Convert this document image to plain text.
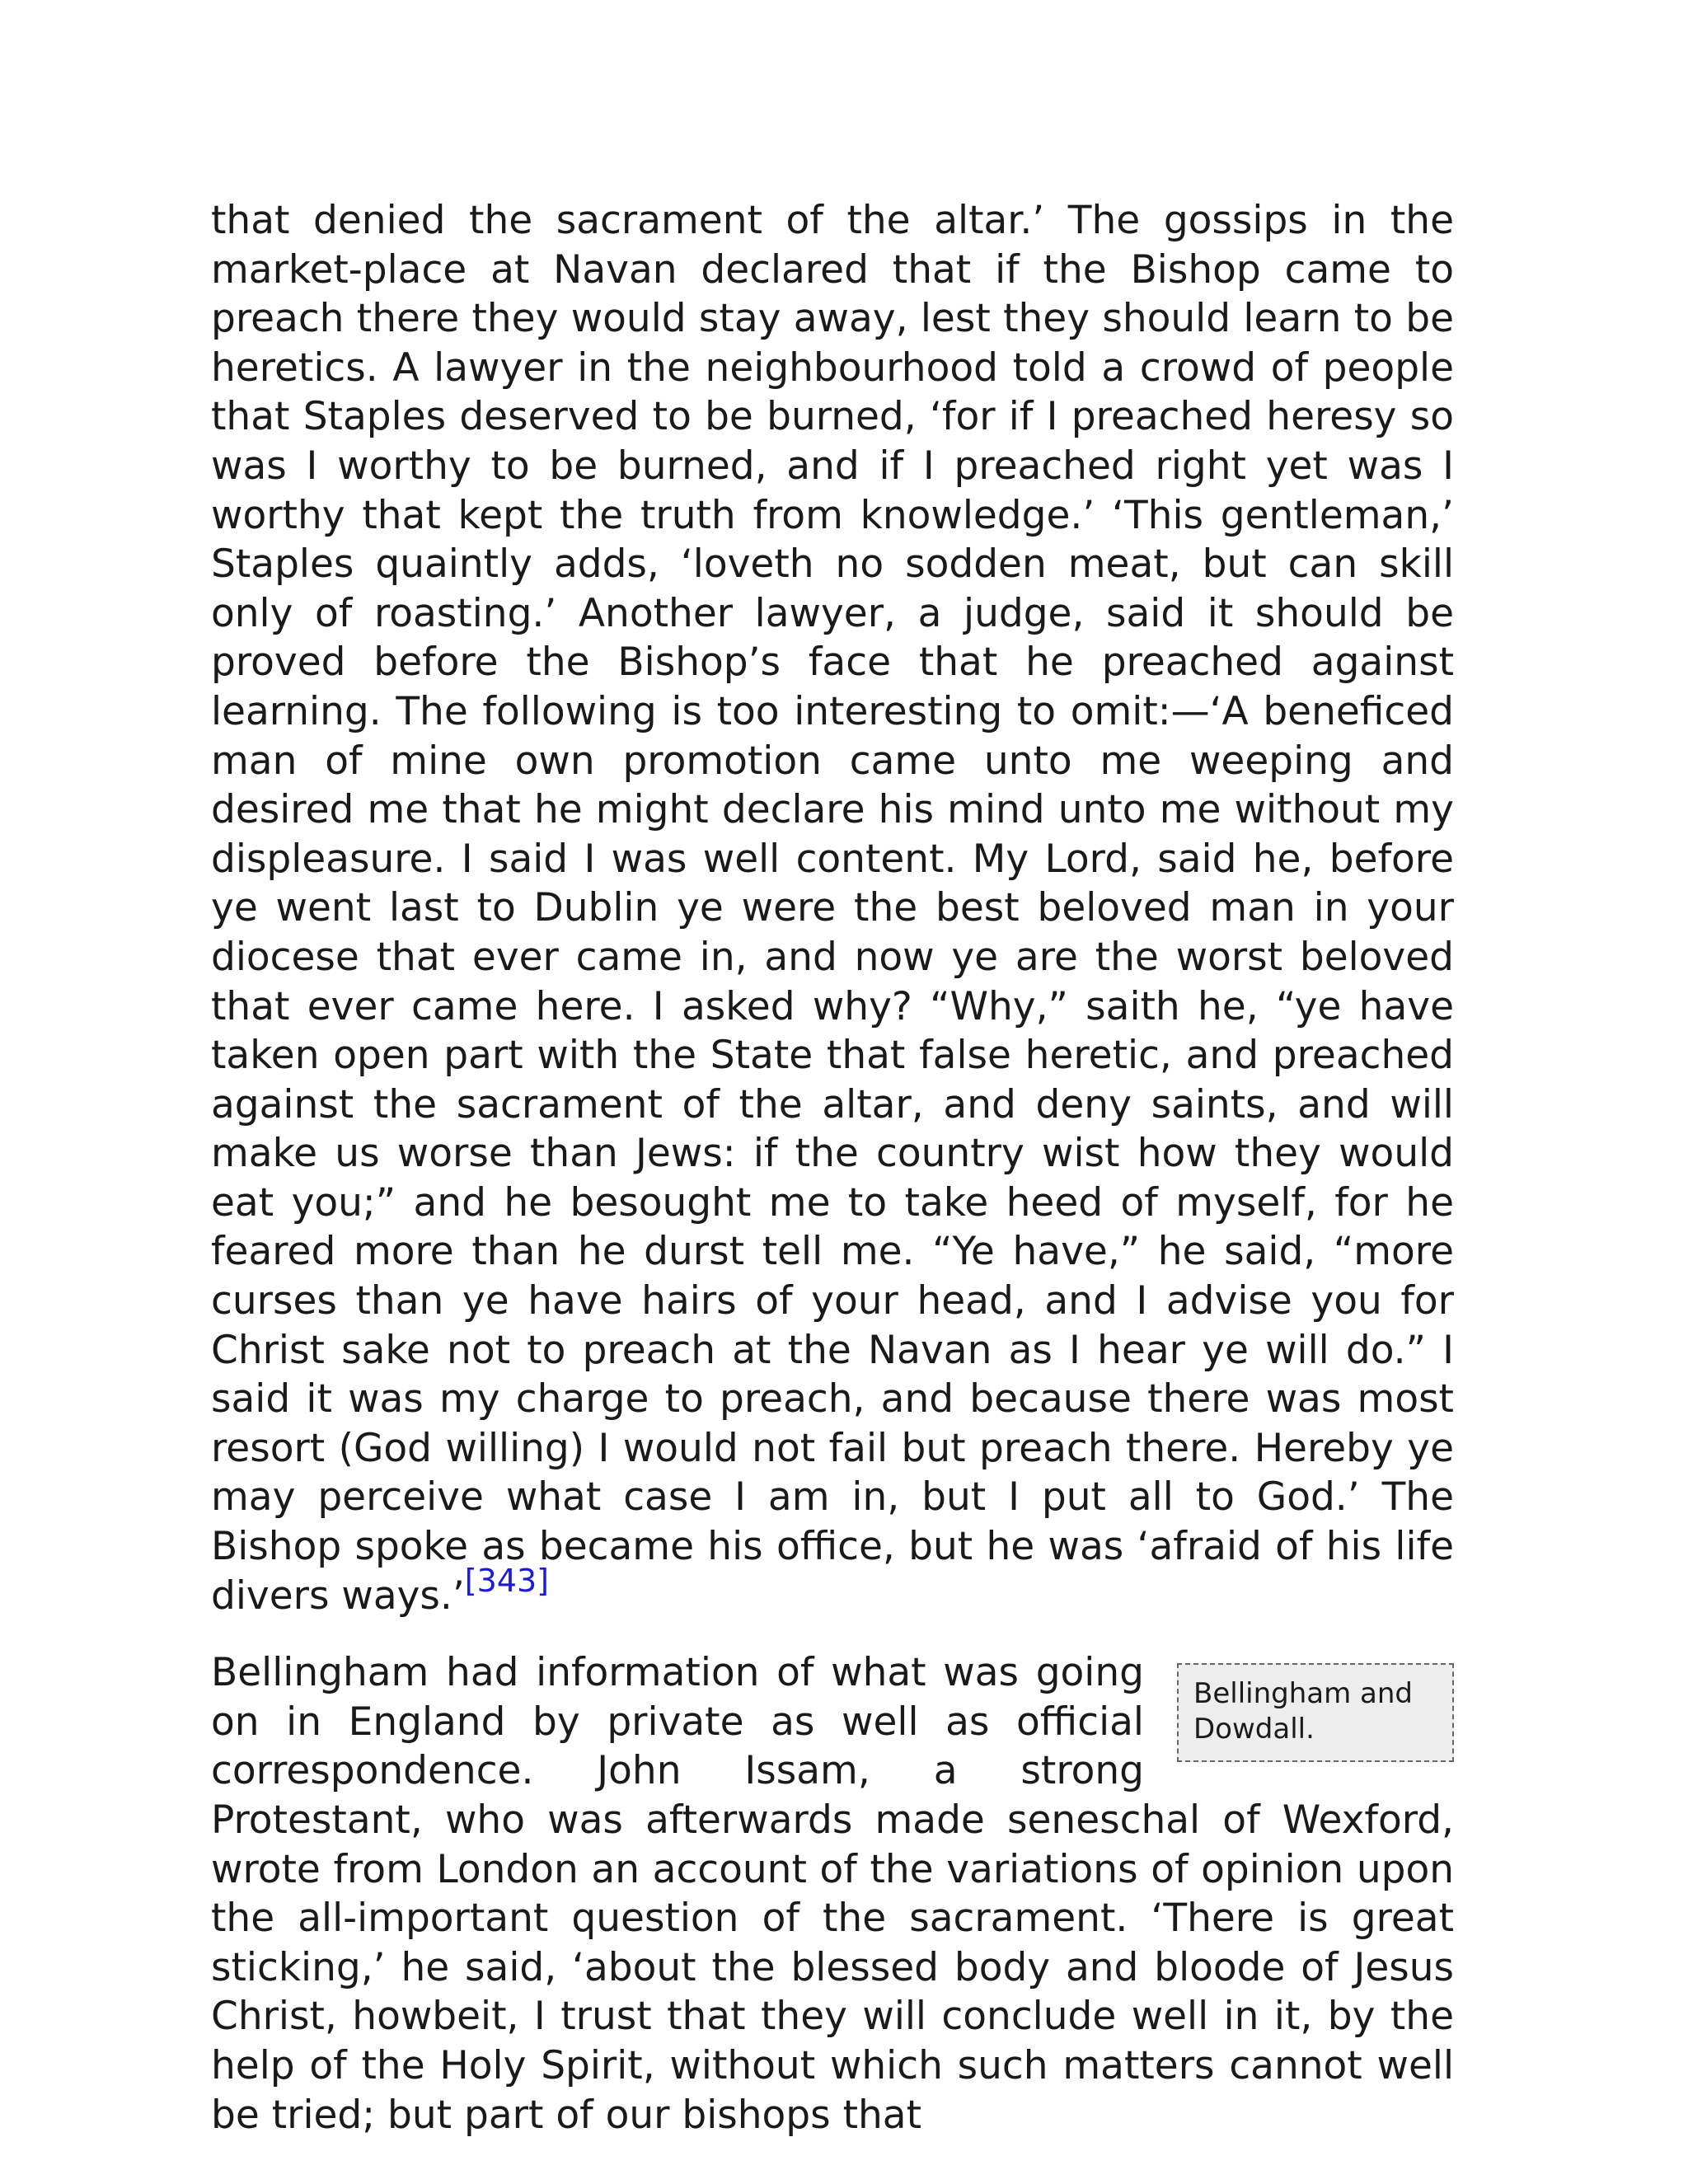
that denied the sacrament of the altar.’ The gossips in the market-place at Navan declared that if the Bishop came to preach there they would stay away, lest they should learn to be heretics. A lawyer in the neighbourhood told a crowd of people that Staples deserved to be burned, ‘for if I preached heresy so was I worthy to be burned, and if I preached right yet was I worthy that kept the truth from knowledge.’ ‘This gentleman,’ Staples quaintly adds, ‘loveth no sodden meat, but can skill only of roasting.’ Another lawyer, a judge, said it should be proved before the Bishop’s face that he preached against learning. The following is too interesting to omit:—‘A beneficed man of mine own promotion came unto me weeping and desired me that he might declare his mind unto me without my displeasure. I said I was well content. My Lord, said he, before ye went last to Dublin ye were the best beloved man in your diocese that ever came in, and now ye are the worst beloved that ever came here. I asked why? “Why,” saith he, “ye have taken open part with the State that false heretic, and preached against the sacrament of the altar, and deny saints, and will make us worse than Jews: if the country wist how they would eat you;” and he besought me to take heed of myself, for he feared more than he durst tell me. “Ye have,” he said, “more curses than ye have hairs of your head, and I advise you for Christ sake not to preach at the Navan as I hear ye will do.” I said it was my charge to preach, and because there was most resort (God willing) I would not fail but preach there. Hereby ye may perceive what case I am in, but I put all to God.’ The Bishop spoke as became his office, but he was ‘afraid of his life divers ways.’[343]

Bellingham and Dowdall.
Bellingham had information of what was going on in England by private as well as official correspondence. John Issam, a strong Protestant, who was afterwards made seneschal of Wexford, wrote from London an account of the variations of opinion upon the all-important question of the sacrament. ‘There is great sticking,’ he said, ‘about the blessed body and bloode of Jesus Christ, howbeit, I trust that they will conclude well in it, by the help of the Holy Spirit, without which such matters cannot well be tried; but part of our bishops that
